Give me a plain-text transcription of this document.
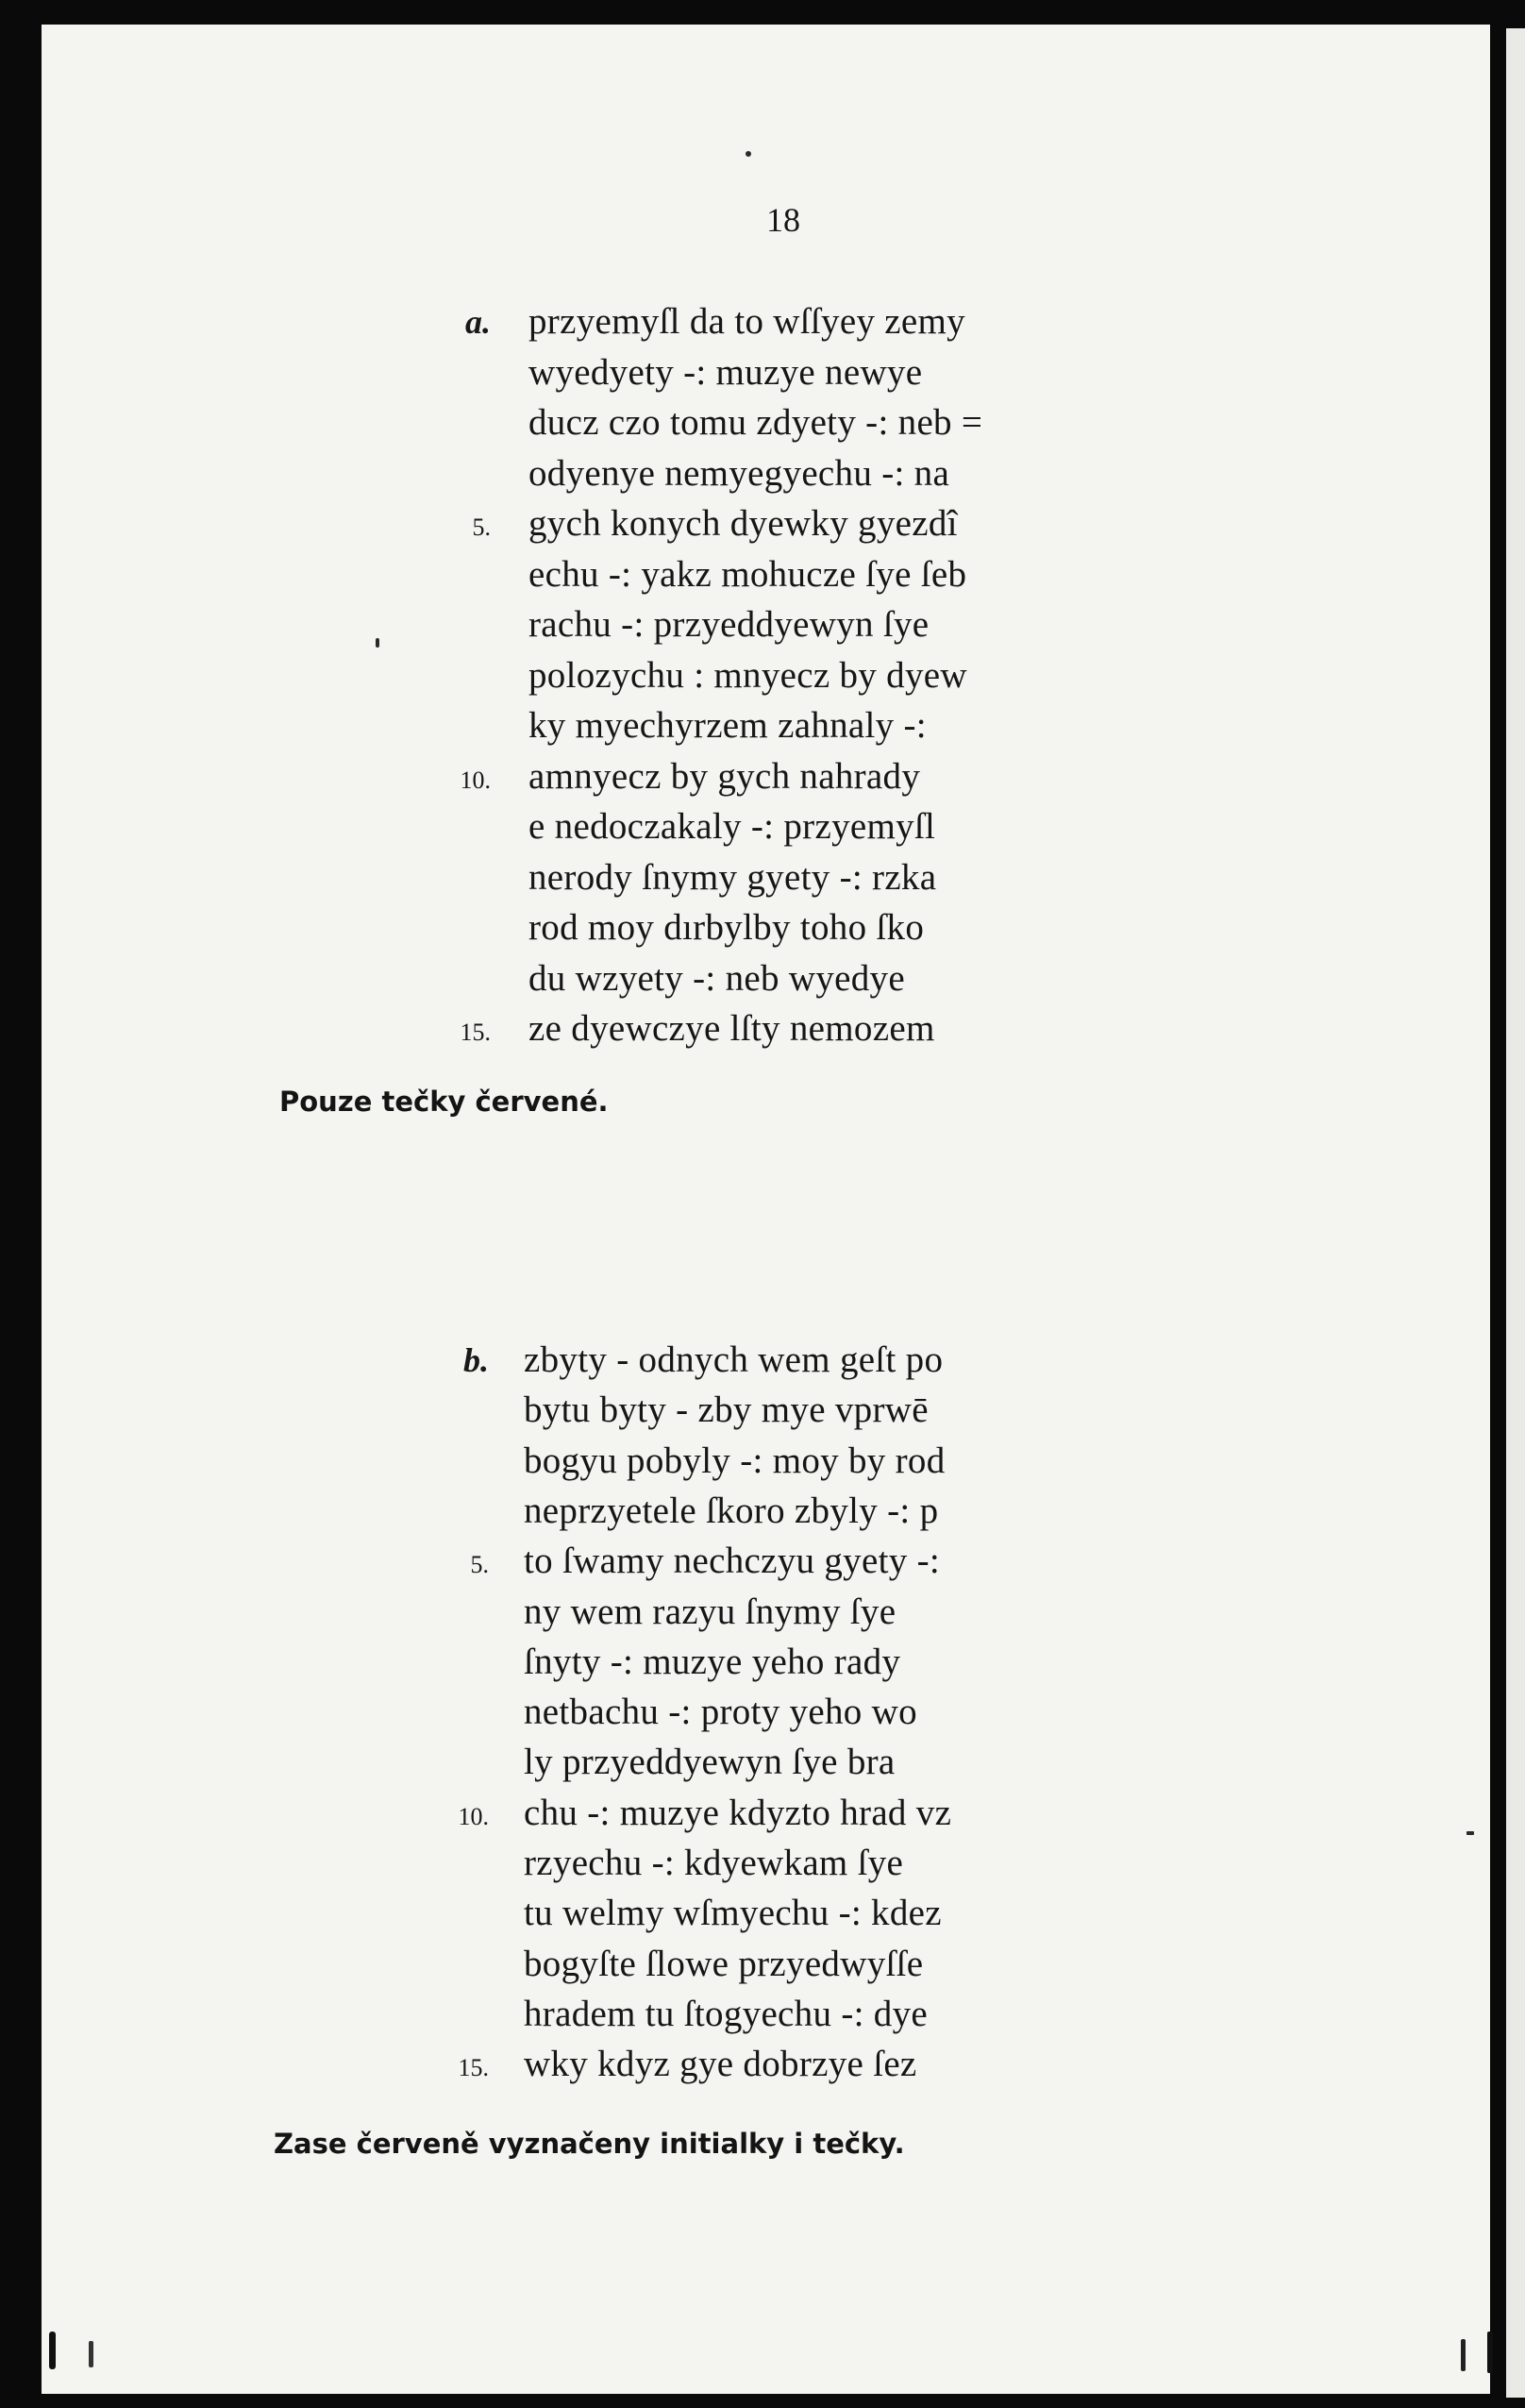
18
a. przyemyſl da to wſſyey zemy
wyedyety -: muzye newye
ducz czo tomu zdyety -: neb =
odyenye nemyegyechu -: na
5. gych konych dyewky gyezdî
echu -: yakz mohucze ſye ſeb
rachu -: przyeddyewyn ſye
polozychu : mnyecz by dyew
ky myechyrzem zahnaly -:
10. amnyecz by gych nahrady
e nedoczakaly -: przyemyſl
nerody ſnymy gyety -: rzka
rod moy dırbylby toho ſko
du wzyety -: neb wyedye
15. ze dyewczye lſty nemozem
Pouze tečky červené.
b. zbyty - odnych wem geſt po
bytu byty - zby mye vprwē
bogyu pobyly -: moy by rod
neprzyetele ſkoro zbyly -: p
5. to ſwamy nechczyu gyety -:
ny wem razyu ſnymy ſye
ſnyty -: muzye yeho rady
netbachu -: proty yeho wo
ly przyeddyewyn ſye bra
10. chu -: muzye kdyzto hrad vz
rzyechu -: kdyewkam ſye
tu welmy wſmyechu -: kdez
bogyſte ſlowe przyedwyſſe
hradem tu ſtogyechu -: dye
15. wky kdyz gye dobrzye ſez
Zase červeně vyznačeny initialky i tečky.
